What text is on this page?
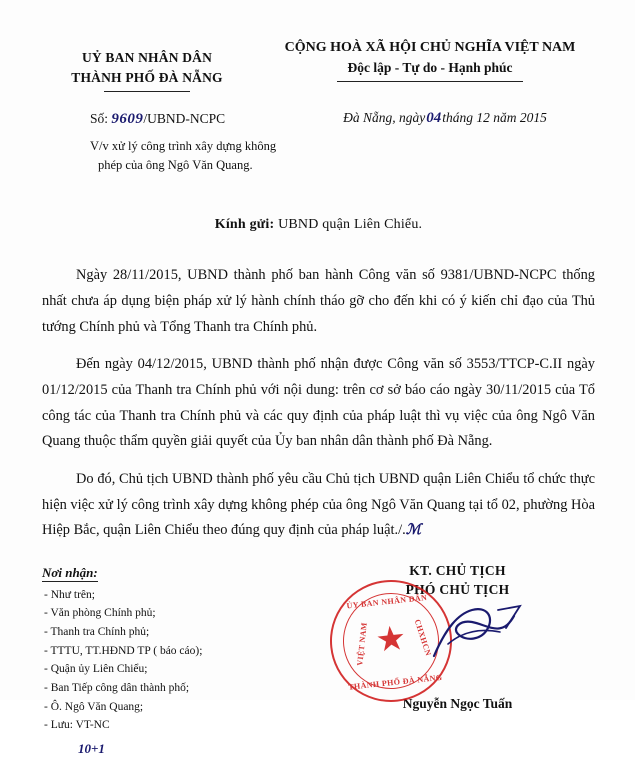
UỶ BAN NHÂN DÂN
THÀNH PHỐ ĐÀ NẴNG
CỘNG HOÀ XÃ HỘI CHỦ NGHĨA VIỆT NAM
Độc lập - Tự do - Hạnh phúc
Số: 9609/UBND-NCPC
V/v xử lý công trình xây dựng không
phép của ông Ngô Văn Quang.
Đà Nẵng, ngày04tháng 12 năm 2015
Kính gửi: UBND quận Liên Chiểu.

Ngày 28/11/2015, UBND thành phố ban hành Công văn số 9381/UBND-NCPC thống nhất chưa áp dụng biện pháp xử lý hành chính tháo gỡ cho đến khi có ý kiến chỉ đạo của Thủ tướng Chính phủ và Tổng Thanh tra Chính phủ.

Đến ngày 04/12/2015, UBND thành phố nhận được Công văn số 3553/TTCP-C.II ngày 01/12/2015 của Thanh tra Chính phủ với nội dung: trên cơ sở báo cáo ngày 30/11/2015 của Tổ công tác của Thanh tra Chính phủ và các quy định của pháp luật thì vụ việc của ông Ngô Văn Quang thuộc thẩm quyền giải quyết của Ủy ban nhân dân thành phố Đà Nẵng.

Do đó, Chủ tịch UBND thành phố yêu cầu Chủ tịch UBND quận Liên Chiểu tổ chức thực hiện việc xử lý công trình xây dựng không phép của ông Ngô Văn Quang tại tổ 02, phường Hòa Hiệp Bắc, quận Liên Chiểu theo đúng quy định của pháp luật./.ℳ

Nơi nhận:
- Như trên;
- Văn phòng Chính phủ;
- Thanh tra Chính phủ;
- TTTU, TT.HĐND TP ( báo cáo);
- Quận ủy Liên Chiểu;
- Ban Tiếp công dân thành phố;
- Ô. Ngô Văn Quang;
- Lưu: VT-NC
10+1
KT. CHỦ TỊCH
PHÓ CHỦ TỊCH
★
ỦY BAN NHÂN DÂN
THÀNH PHỐ ĐÀ NẴNG
VIỆT NAM	CHXHCN
Nguyễn Ngọc Tuấn
